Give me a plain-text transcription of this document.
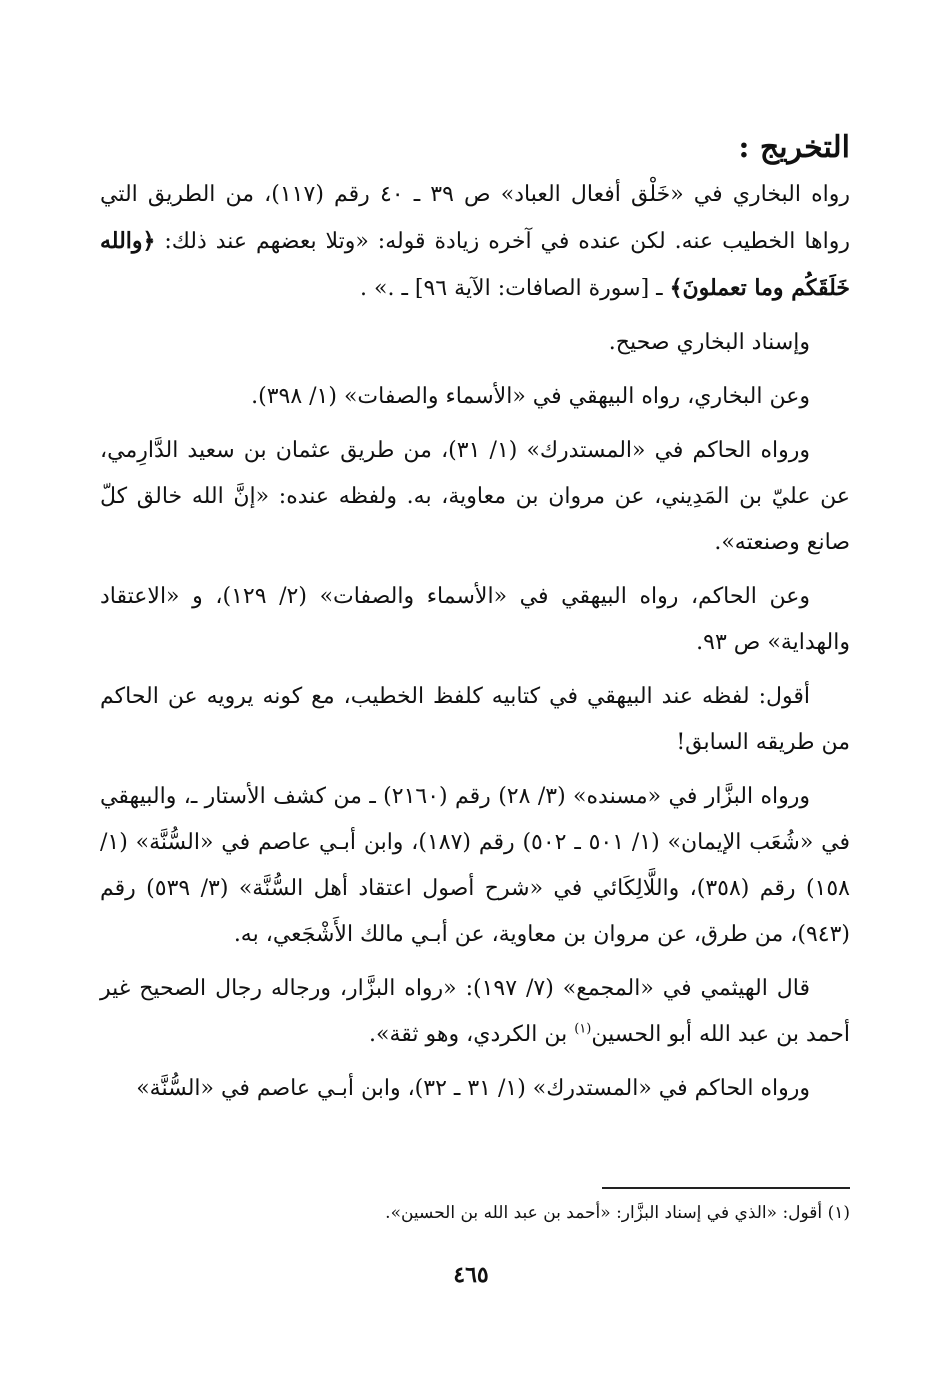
التخريج :

رواه البخاري في «خَلْق أفعال العباد» ص ٣٩ ـ ٤٠ رقم (١١٧)، من الطريق التي رواها الخطيب عنه. لكن عنده في آخره زيادة قوله: «وتلا بعضهم عند ذلك: ﴿والله خَلَقَكُم وما تعملونَ﴾ ـ [سورة الصافات: الآية ٩٦] ـ .» .

وإسناد البخاري صحيح.

وعن البخاري، رواه البيهقي في «الأسماء والصفات» (١/ ٣٩٨).

ورواه الحاكم في «المستدرك» (١/ ٣١)، من طريق عثمان بن سعيد الدَّارِمي، عن عليّ بن المَدِيني، عن مروان بن معاوية، به. ولفظه عنده: «إنَّ الله خالق كلّ صانع وصنعته».

وعن الحاكم، رواه البيهقي في «الأسماء والصفات» (٢/ ١٢٩)، و «الاعتقاد والهداية» ص ٩٣.

أقول: لفظه عند البيهقي في كتابيه كلفظ الخطيب، مع كونه يرويه عن الحاكم من طريقه السابق!

ورواه البزَّار في «مسنده» (٣/ ٢٨) رقم (٢١٦٠) ـ من كشف الأستار ـ، والبيهقي في «شُعَب الإيمان» (١/ ٥٠١ ـ ٥٠٢) رقم (١٨٧)، وابن أبـي عاصم في «السُّنَّة» (١/ ١٥٨) رقم (٣٥٨)، واللَّالِكَائي في «شرح أصول اعتقاد أهل السُّنَّة» (٣/ ٥٣٩) رقم (٩٤٣)، من طرق، عن مروان بن معاوية، عن أبـي مالك الأَشْجَعي، به.

قال الهيثمي في «المجمع» (٧/ ١٩٧): «رواه البزَّار، ورجاله رجال الصحيح غير أحمد بن عبد الله أبو الحسين$^{(١)}$ بن الكردي، وهو ثقة».

ورواه الحاكم في «المستدرك» (١/ ٣١ ـ ٣٢)، وابن أبـي عاصم في «السُّنَّة»

(١) أقول: «الذي في إسناد البزَّار: «أحمد بن عبد الله بن الحسين».
٤٦٥
